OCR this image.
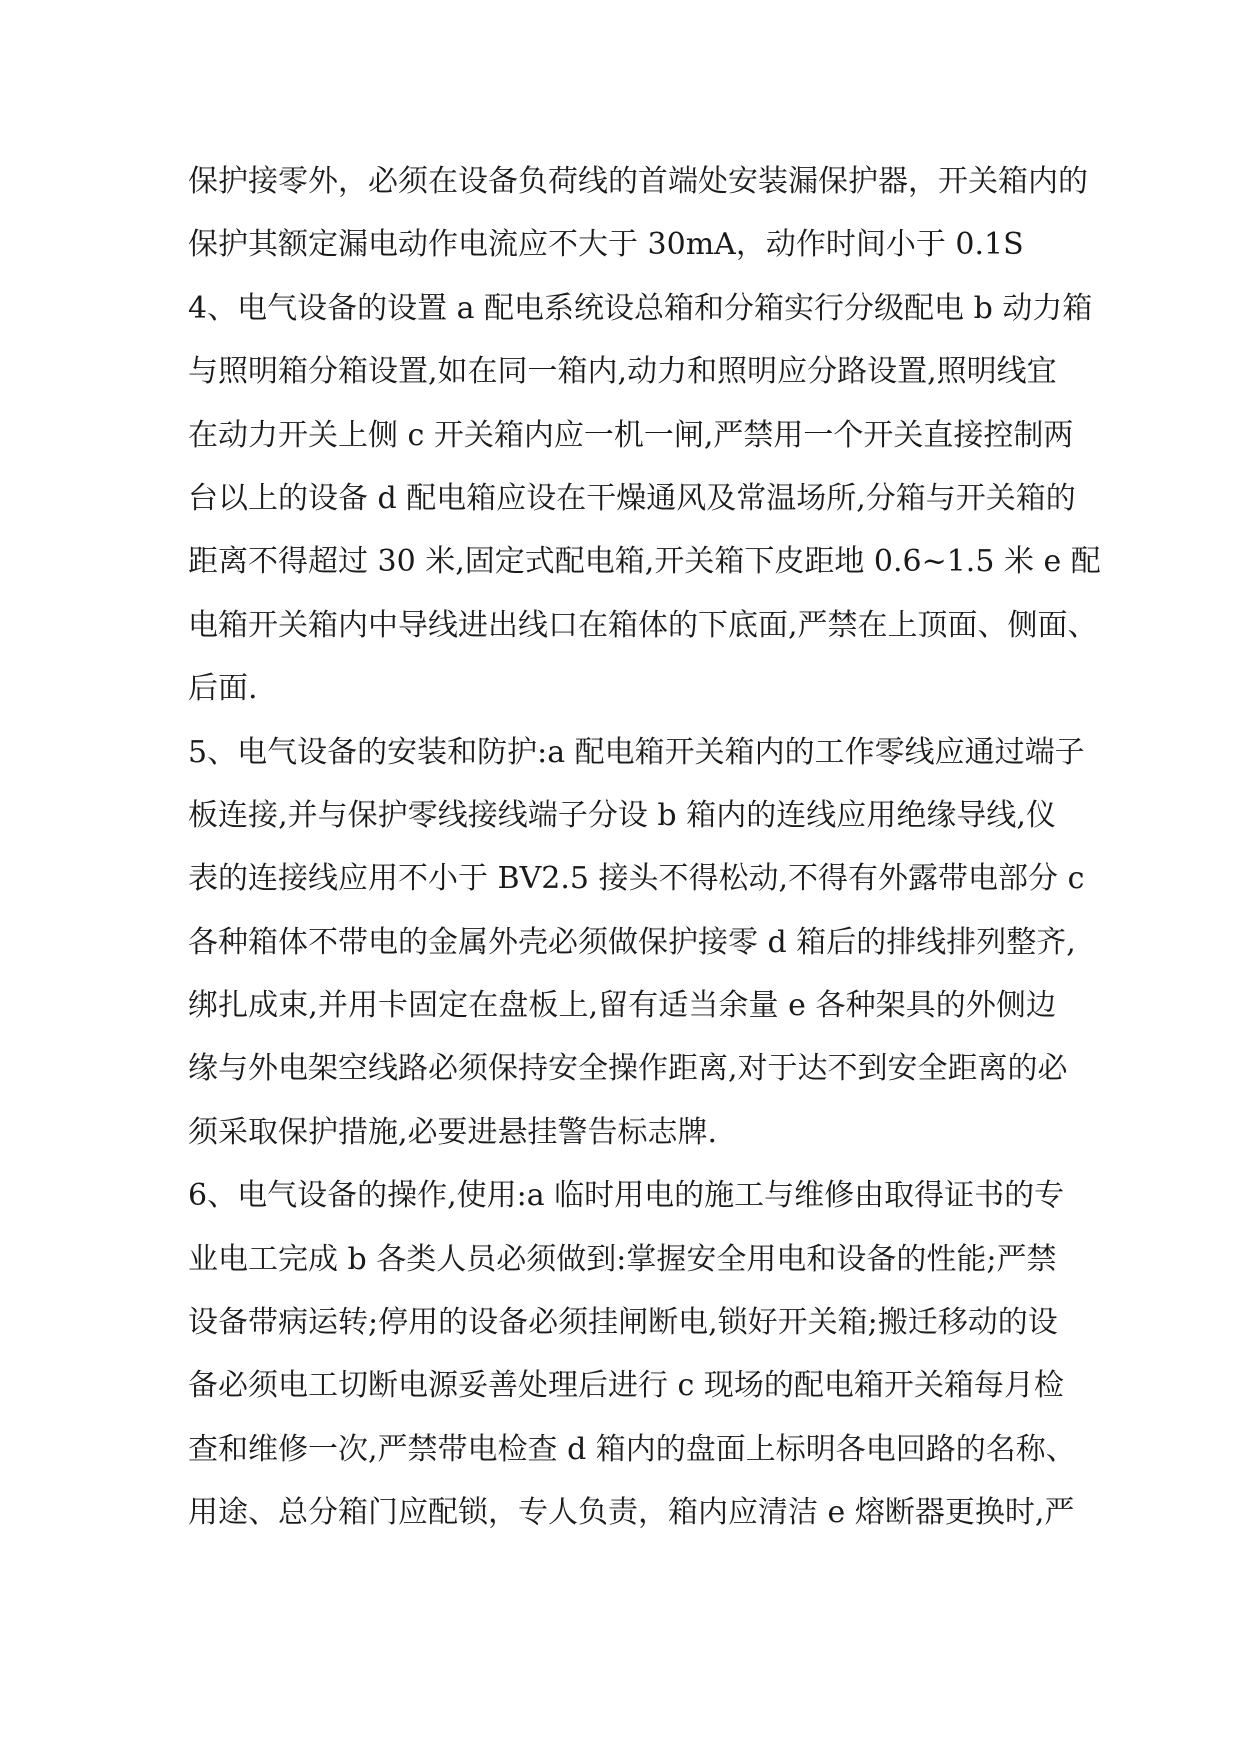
保护接零外，必须在设备负荷线的首端处安装漏保护器，开关箱内的
保护其额定漏电动作电流应不大于 30mA，动作时间小于 0.1S
4、电气设备的设置 a 配电系统设总箱和分箱实行分级配电 b 动力箱
与照明箱分箱设置,如在同一箱内,动力和照明应分路设置,照明线宜
在动力开关上侧 c 开关箱内应一机一闸,严禁用一个开关直接控制两
台以上的设备 d 配电箱应设在干燥通风及常温场所,分箱与开关箱的
距离不得超过 30 米,固定式配电箱,开关箱下皮距地 0.6~1.5 米 e 配
电箱开关箱内中导线进出线口在箱体的下底面,严禁在上顶面、侧面、
后面.
5、电气设备的安装和防护:a 配电箱开关箱内的工作零线应通过端子
板连接,并与保护零线接线端子分设 b 箱内的连线应用绝缘导线,仪
表的连接线应用不小于 BV2.5 接头不得松动,不得有外露带电部分 c
各种箱体不带电的金属外壳必须做保护接零 d 箱后的排线排列整齐,
绑扎成束,并用卡固定在盘板上,留有适当余量 e 各种架具的外侧边
缘与外电架空线路必须保持安全操作距离,对于达不到安全距离的必
须采取保护措施,必要进悬挂警告标志牌.
6、电气设备的操作,使用:a 临时用电的施工与维修由取得证书的专
业电工完成 b 各类人员必须做到:掌握安全用电和设备的性能;严禁
设备带病运转;停用的设备必须挂闸断电,锁好开关箱;搬迁移动的设
备必须电工切断电源妥善处理后进行 c 现场的配电箱开关箱每月检
查和维修一次,严禁带电检查 d 箱内的盘面上标明各电回路的名称、
用途、总分箱门应配锁，专人负责，箱内应清洁 e 熔断器更换时,严
